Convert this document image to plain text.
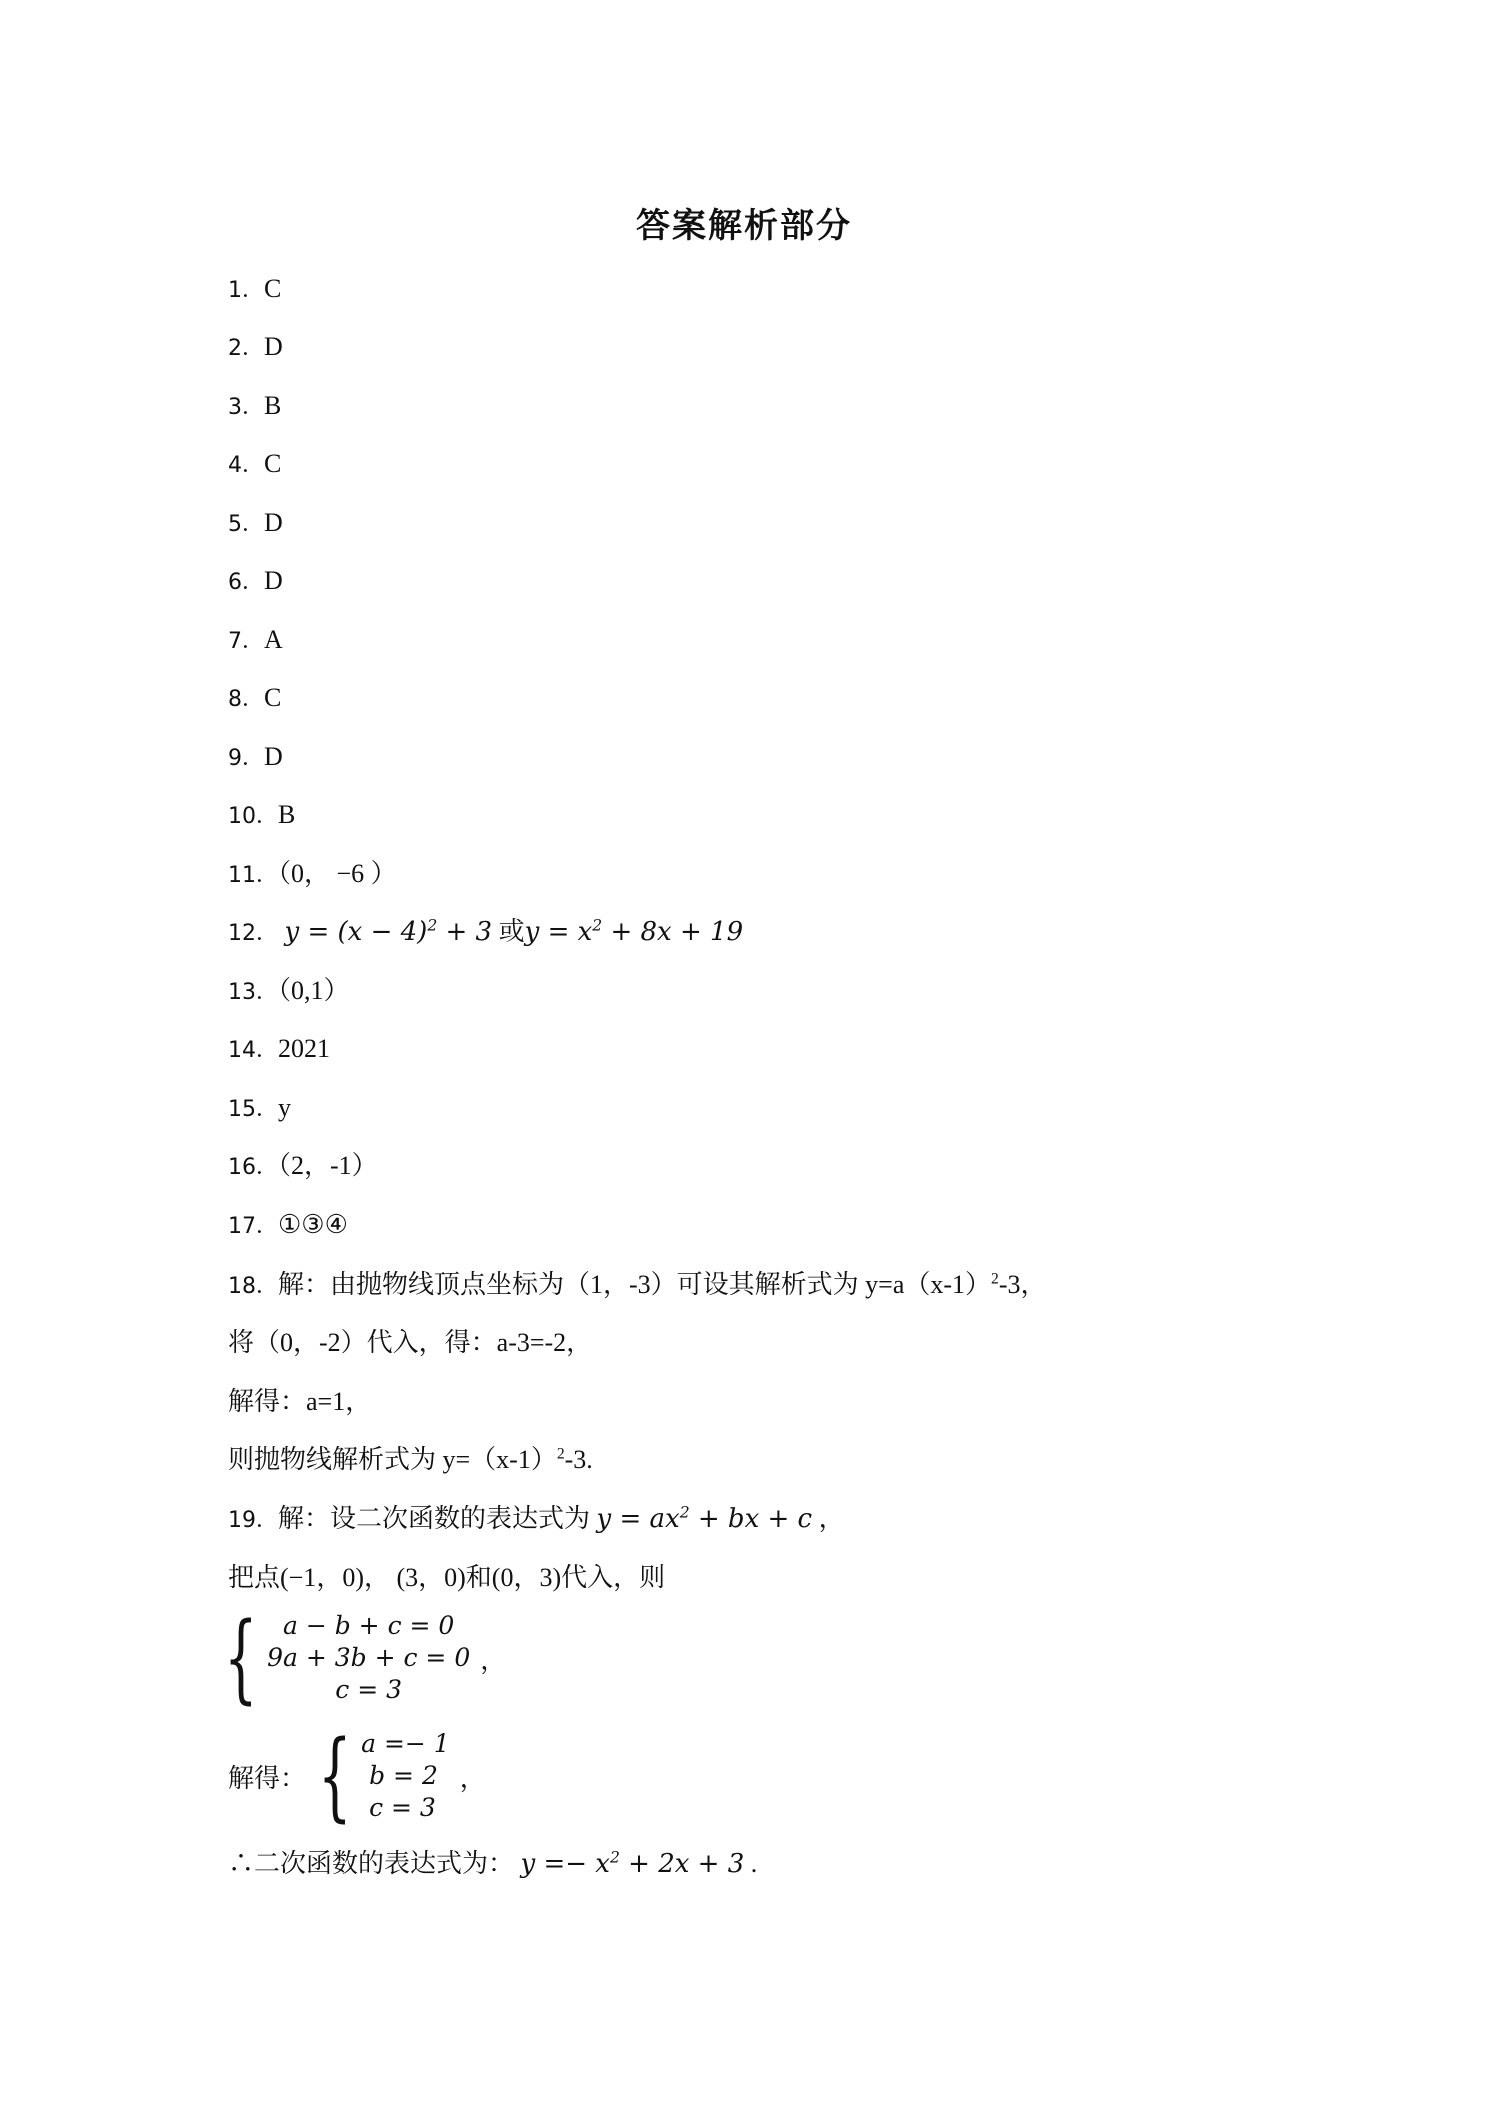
答案解析部分
1．C
2．D
3．B
4．C
5．D
6．D
7．A
8．C
9．D
10．B
11．（0， −6 ）
13．（0,1）
14．2021
15．y
16．（2，-1）
17．①③④
12． $y = (x - 4)^2 + 3$ 或$y = x^2 + 8x + 19$
18．解：由抛物线顶点坐标为（1，-3）可设其解析式为 $y=a(x-1)^2-3$，
将（0，-2）代入，得：a-3=-2，
解得：a=1，
则抛物线解析式为 $y=(x-1)^2-3$.
19．解：设二次函数的表达式为 $y = ax^2$ + bx + c ，
把点(−1，0)， (3，0)和(0，3)代入，则
{	a − b + c = 0
9a + 3b + c = 0
c = 3
，
解得： { a =− 1
b = 2
c = 3
，
∴二次函数的表达式为： $y =- x^2 + 2x + 3$ .
